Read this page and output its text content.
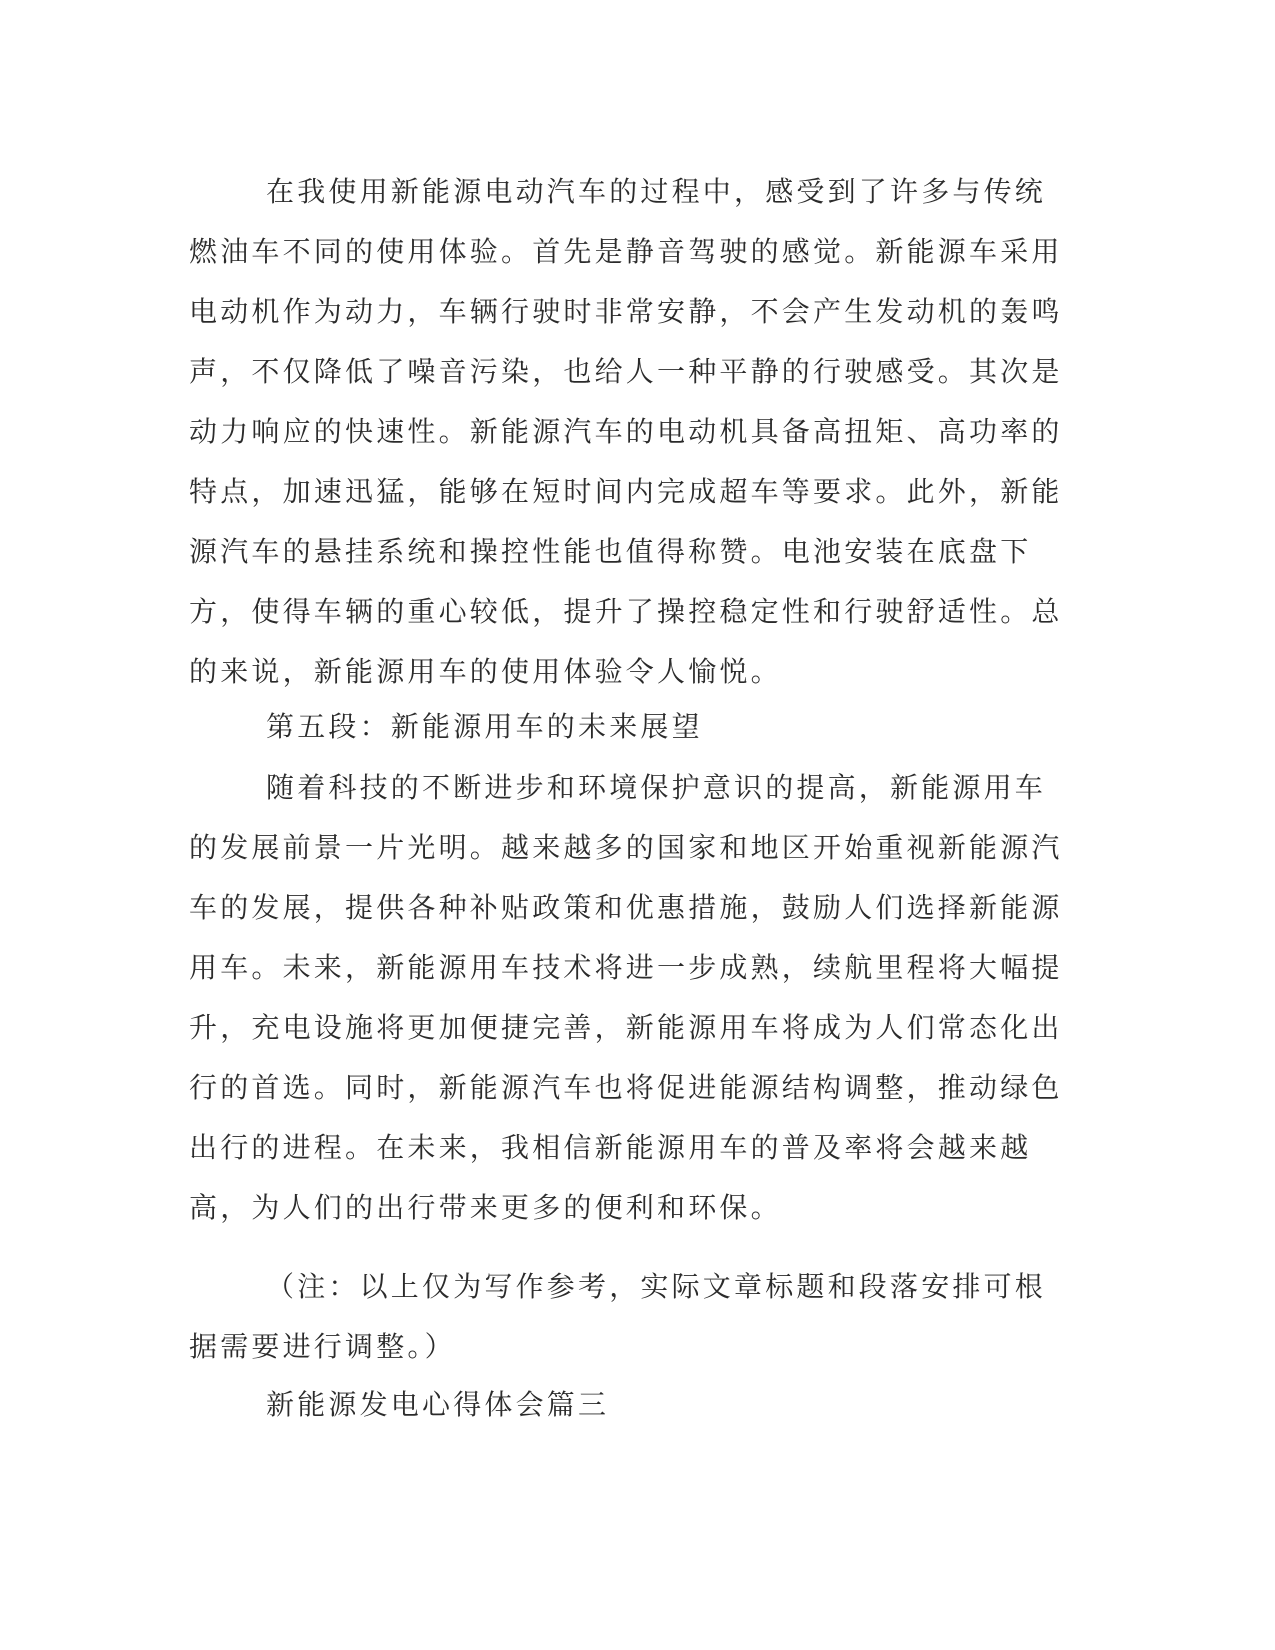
在我使用新能源电动汽车的过程中，感受到了许多与传统燃油车不同的使用体验。首先是静音驾驶的感觉。新能源车采用电动机作为动力，车辆行驶时非常安静，不会产生发动机的轰鸣声，不仅降低了噪音污染，也给人一种平静的行驶感受。其次是动力响应的快速性。新能源汽车的电动机具备高扭矩、高功率的特点，加速迅猛，能够在短时间内完成超车等要求。此外，新能源汽车的悬挂系统和操控性能也值得称赞。电池安装在底盘下方，使得车辆的重心较低，提升了操控稳定性和行驶舒适性。总的来说，新能源用车的使用体验令人愉悦。
第五段：新能源用车的未来展望
随着科技的不断进步和环境保护意识的提高，新能源用车的发展前景一片光明。越来越多的国家和地区开始重视新能源汽车的发展，提供各种补贴政策和优惠措施，鼓励人们选择新能源用车。未来，新能源用车技术将进一步成熟，续航里程将大幅提升，充电设施将更加便捷完善，新能源用车将成为人们常态化出行的首选。同时，新能源汽车也将促进能源结构调整，推动绿色出行的进程。在未来，我相信新能源用车的普及率将会越来越高，为人们的出行带来更多的便利和环保。
（注：以上仅为写作参考，实际文章标题和段落安排可根据需要进行调整。）
新能源发电心得体会篇三
